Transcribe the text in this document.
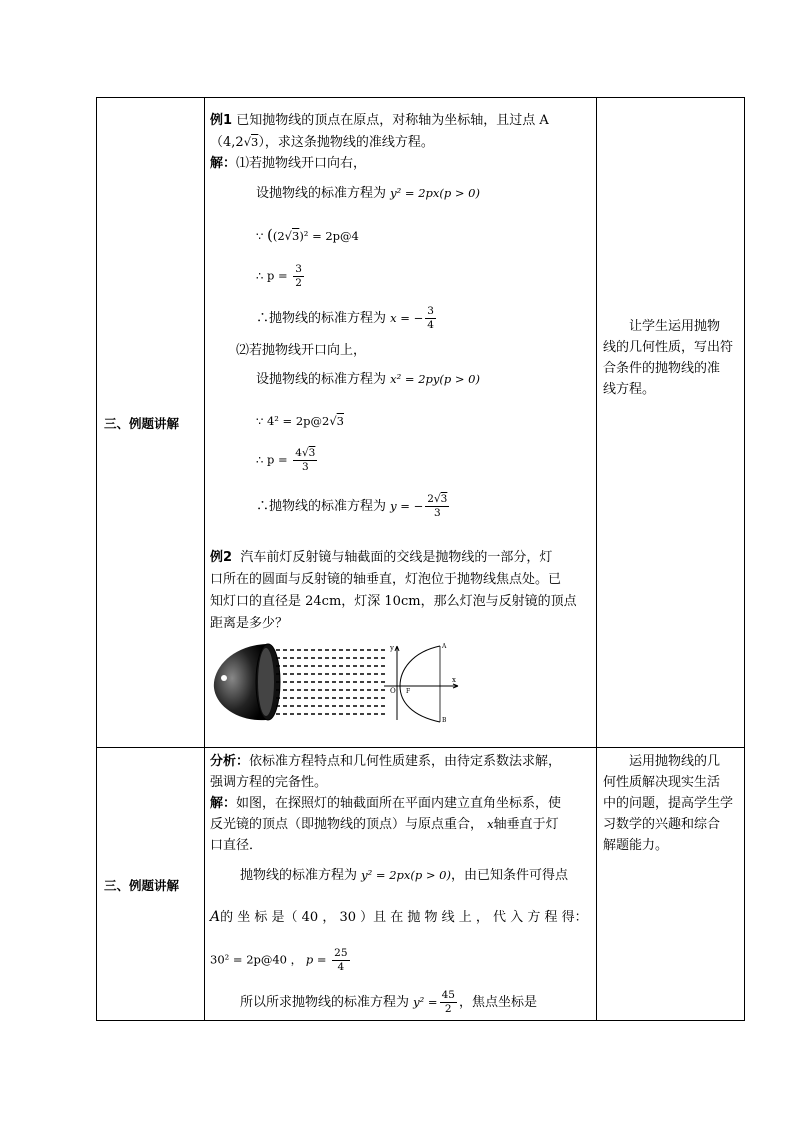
三、例题讲解
例1 已知抛物线的顶点在原点，对称轴为坐标轴，且过点 A
（4,2√3），求这条抛物线的准线方程。
解：⑴若抛物线开口向右，
设抛物线的标准方程为 y² = 2px(p > 0)
∵ ((2√3)² = 2p@4
∴ $p = \frac{3}{2}$
∴抛物线的标准方程为 x = − $\frac{3}{4}$
⑵若抛物线开口向上，
设抛物线的标准方程为 x² = 2py(p > 0)
∵ 4² = 2p@2√3
∴ $p = \frac{4√3}{3}$
∴抛物线的标准方程为 y = − $\frac{2√3}{3}$
例2 汽车前灯反射镜与轴截面的交线是抛物线的一部分，灯
口所在的圆面与反射镜的轴垂直，灯泡位于抛物线焦点处。已
知灯口的直径是 24cm，灯深 10cm，那么灯泡与反射镜的顶点
距离是多少？
y
x
O F
A
B
让学生运用抛物
线的几何性质，写出符
合条件的抛物线的准
线方程。
三、例题讲解
分析：依标准方程特点和几何性质建系，由待定系数法求解，
强调方程的完备性。
解：如图，在探照灯的轴截面所在平面内建立直角坐标系，使
反光镜的顶点（即抛物线的顶点）与原点重合， x轴垂直于灯
口直径．
抛物线的标准方程为 y² = 2px(p > 0)，由已知条件可得点
A的 坐 标 是（ 40 ， 30 ）且 在 抛 物 线 上 ， 代 入 方 程 得：
30² = 2p@40 ， $p = \frac{25}{4}$
所以所求抛物线的标准方程为 $y^2 = \frac{45}{2}$ ，焦点坐标是
运用抛物线的几
何性质解决现实生活
中的问题，提高学生学
习数学的兴趣和综合
解题能力。
